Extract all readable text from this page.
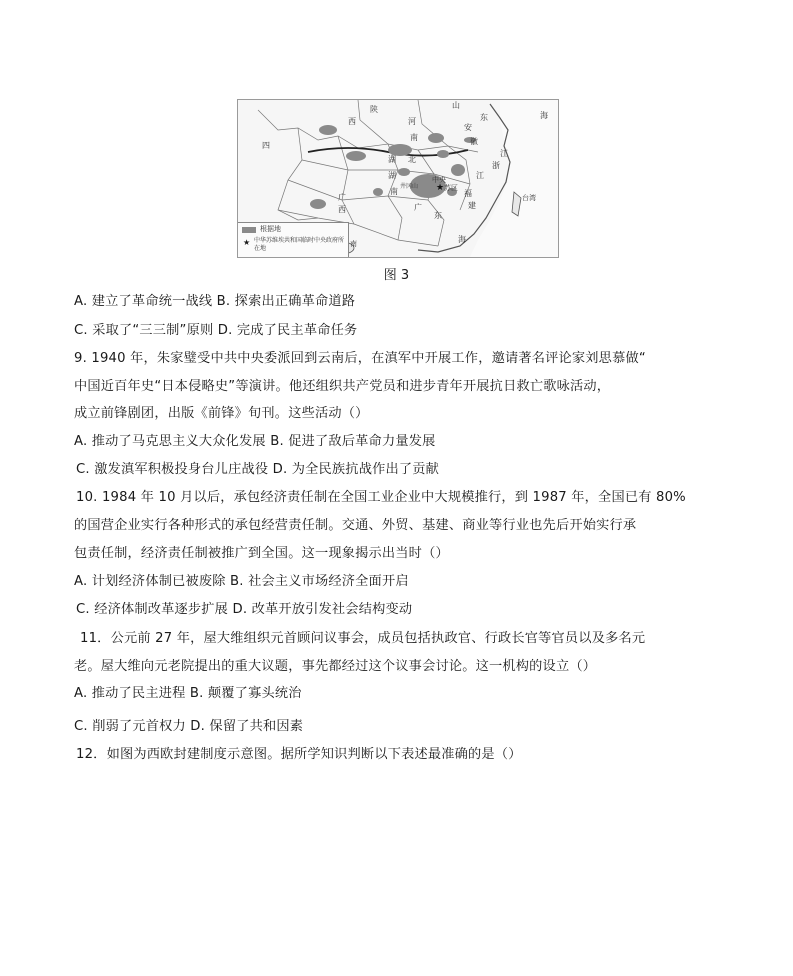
★
陕	山
东	海
西	河
南
安
徽
四
湖 北
江
浙
江
湖
南
中央
苏区
福
建
广
西	广
东
台湾
井冈山
海
南
根据地
★ 中华苏维埃共和国临时中央政府所在地
图 3
A. 建立了革命统一战线 B. 探索出正确革命道路
C. 采取了“三三制”原则 D. 完成了民主革命任务
9. 1940 年，朱家璧受中共中央委派回到云南后，在滇军中开展工作，邀请著名评论家刘思慕做“
中国近百年史“日本侵略史”等演讲。他还组织共产党员和进步青年开展抗日救亡歌咏活动，
成立前锋剧团，出版《前锋》旬刊。这些活动（）
A. 推动了马克思主义大众化发展 B. 促进了敌后革命力量发展
C. 激发滇军积极投身台儿庄战役 D. 为全民族抗战作出了贡献
10. 1984 年 10 月以后，承包经济责任制在全国工业企业中大规模推行，到 1987 年，全国已有 80%
的国营企业实行各种形式的承包经营责任制。交通、外贸、基建、商业等行业也先后开始实行承
包责任制，经济责任制被推广到全国。这一现象揭示出当时（）
A. 计划经济体制已被废除 B. 社会主义市场经济全面开启
C. 经济体制改革逐步扩展 D. 改革开放引发社会结构变动
11．公元前 27 年，屋大维组织元首顾问议事会，成员包括执政官、行政长官等官员以及多名元
老。屋大维向元老院提出的重大议题，事先都经过这个议事会讨论。这一机构的设立（）
A. 推动了民主进程 B. 颠覆了寡头统治
C. 削弱了元首权力 D. 保留了共和因素
12．如图为西欧封建制度示意图。据所学知识判断以下表述最准确的是（）
